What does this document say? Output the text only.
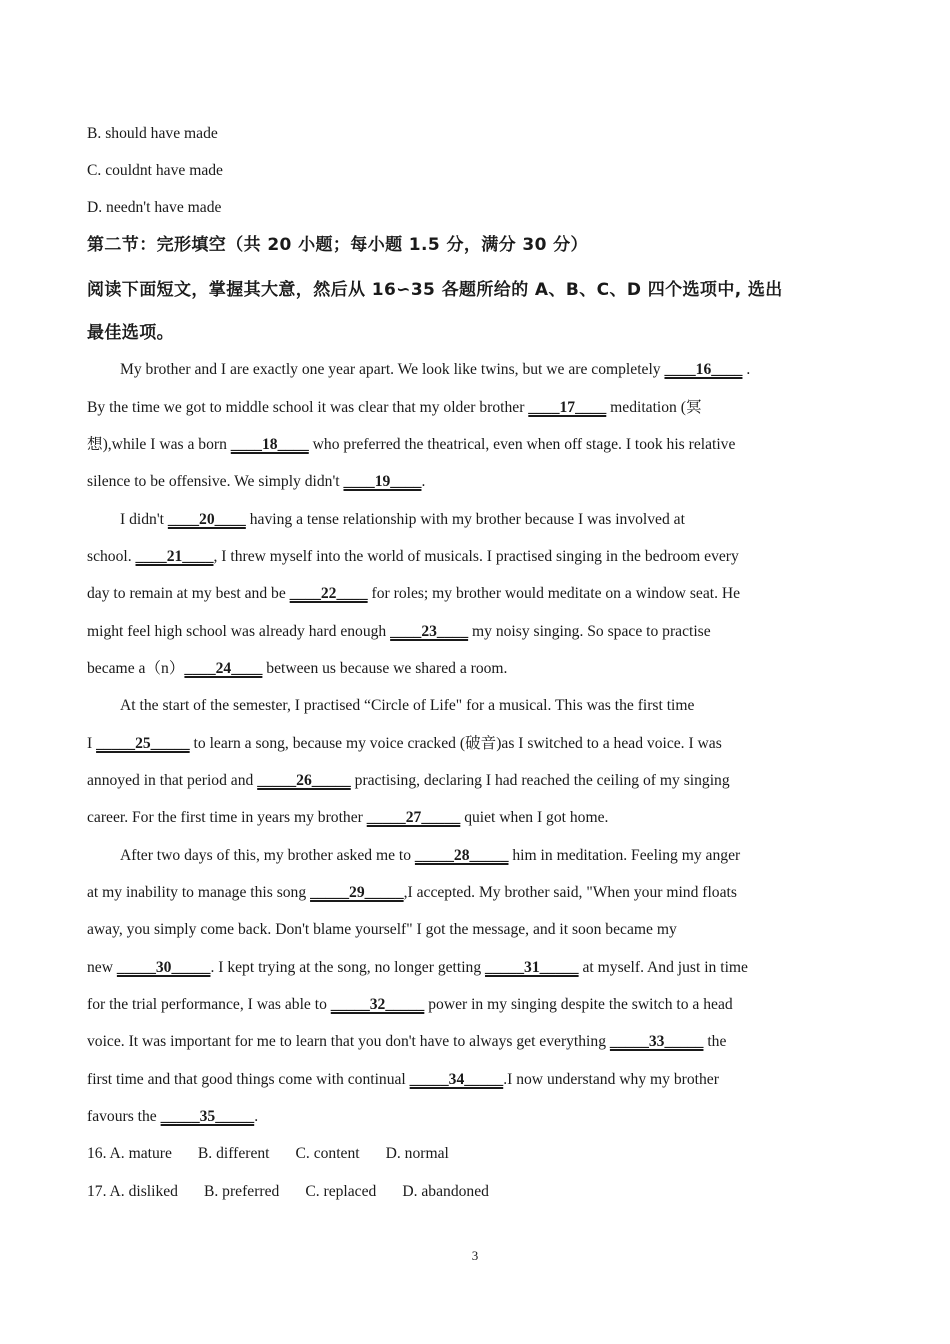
B. should have made
C. couldnt have made
D. needn't have made
第二节：完形填空（共 20 小题；每小题 1.5 分，满分 30 分）
阅读下面短文，掌握其大意，然后从 16∽35 各题所给的 A、B、C、D 四个选项中, 选出
最佳选项。
My brother and I are exactly one year apart. We look like twins, but we are completely ____16____ .
By the time we got to middle school it was clear that my older brother ____17____ meditation (冥
想),while I was a born ____18____ who preferred the theatrical, even when off stage. I took his relative
silence to be offensive. We simply didn't ____19____.
I didn't ____20____ having a tense relationship with my brother because I was involved at
school. ____21____, I threw myself into the world of musicals. I practised singing in the bedroom every
day to remain at my best and be ____22____ for roles; my brother would meditate on a window seat. He
might feel high school was already hard enough ____23____ my noisy singing. So space to practise
became a（n）____24____ between us because we shared a room.
At the start of the semester, I practised “Circle of Life" for a musical. This was the first time
I _____25_____ to learn a song, because my voice cracked (破音)as I switched to a head voice. I was
annoyed in that period and _____26_____ practising, declaring I had reached the ceiling of my singing
career. For the first time in years my brother _____27_____ quiet when I got home.
After two days of this, my brother asked me to _____28_____ him in meditation. Feeling my anger
at my inability to manage this song _____29_____,I accepted. My brother said, "When your mind floats
away, you simply come back. Don't blame yourself" I got the message, and it soon became my
new _____30_____. I kept trying at the song, no longer getting _____31_____ at myself. And just in time
for the trial performance, I was able to _____32_____ power in my singing despite the switch to a head
voice. It was important for me to learn that you don't have to always get everything _____33_____ the
first time and that good things come with continual _____34_____.I now understand why my brother
favours the _____35_____.
16. A. mature B. different C. content D. normal
17. A. disliked B. preferred C. replaced D. abandoned
3
